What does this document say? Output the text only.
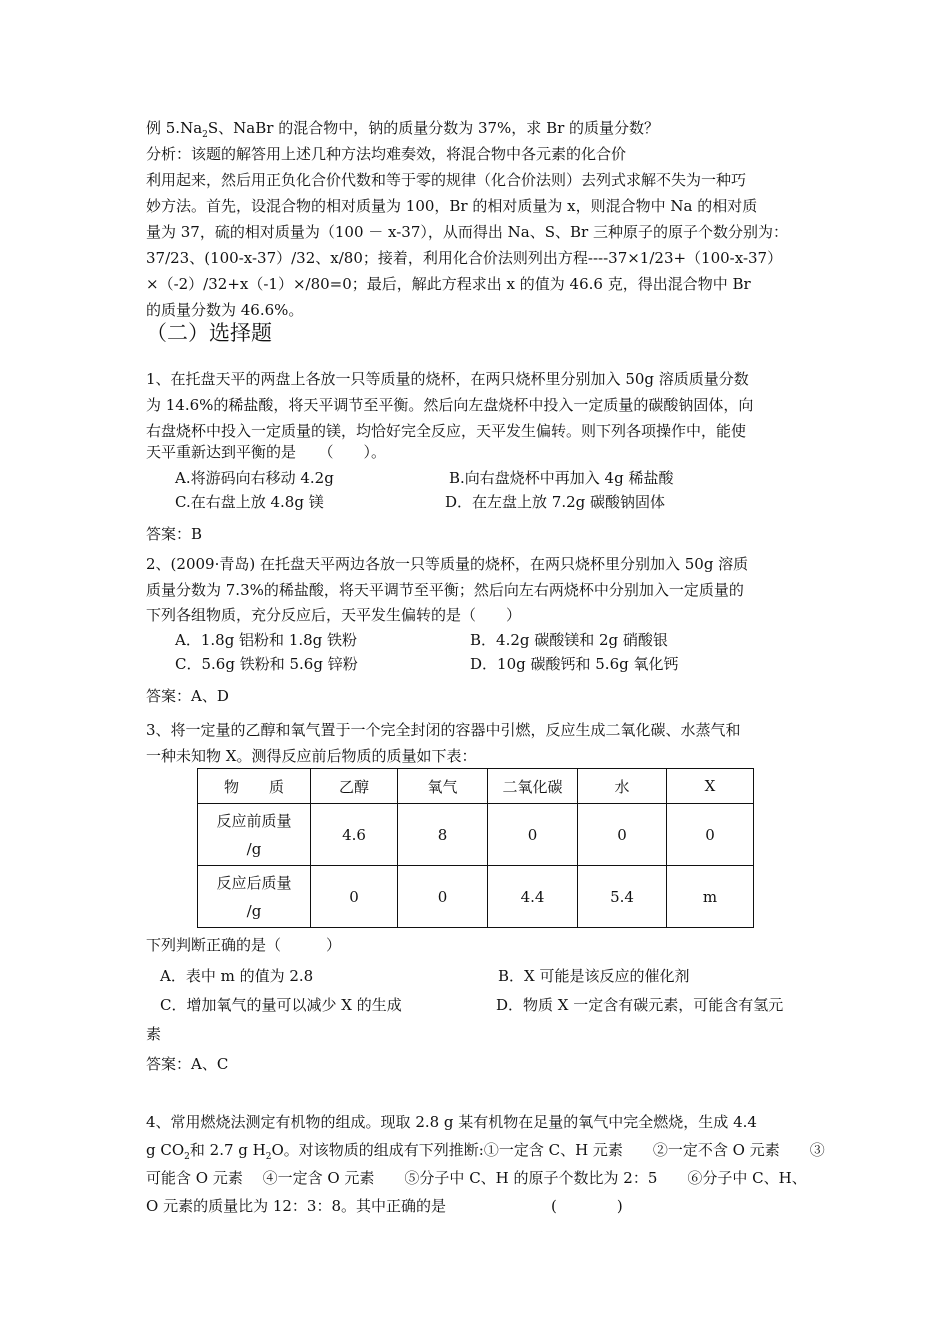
例 $5.Na_2S$、NaBr 的混合物中，钠的质量分数为 37%，求 Br 的质量分数？
分析：该题的解答用上述几种方法均难奏效，将混合物中各元素的化合价
利用起来，然后用正负化合价代数和等于零的规律（化合价法则）去列式求解不失为一种巧
妙方法。首先，设混合物的相对质量为 100，Br 的相对质量为 x，则混合物中 Na 的相对质
量为 37，硫的相对质量为（100 － x-37），从而得出 Na、S、Br 三种原子的原子个数分别为：
37/23、(100-x-37）/32、x/80；接着，利用化合价法则列出方程----37×1/23+（100-x-37）
×（-2）/32+x（-1）×/80=0；最后，解此方程求出 x 的值为 46.6 克，得出混合物中 Br
的质量分数为 46.6%。
（二）选择题
1、在托盘天平的两盘上各放一只等质量的烧杯，在两只烧杯里分别加入 50g 溶质质量分数
为 14.6%的稀盐酸，将天平调节至平衡。然后向左盘烧杯中投入一定质量的碳酸钠固体，向
右盘烧杯中投入一定质量的镁，均恰好完全反应，天平发生偏转。则下列各项操作中，能使
天平重新达到平衡的是　　（　　）。
A.将游码向右移动 4.2g	B.向右盘烧杯中再加入 4g 稀盐酸
C.在右盘上放 4.8g 镁	D．在左盘上放 7.2g 碳酸钠固体
答案：B
2、(2009·青岛) 在托盘天平两边各放一只等质量的烧杯，在两只烧杯里分别加入 50g 溶质
质量分数为 7.3%的稀盐酸，将天平调节至平衡；然后向左右两烧杯中分别加入一定质量的
下列各组物质，充分反应后，天平发生偏转的是（　　）
A．1.8g 铝粉和 1.8g 铁粉	B．4.2g 碳酸镁和 2g 硝酸银
C．5.6g 铁粉和 5.6g 锌粉	D．10g 碳酸钙和 5.6g 氧化钙
答案：A、D
3、将一定量的乙醇和氧气置于一个完全封闭的容器中引燃，反应生成二氧化碳、水蒸气和
一种未知物 X。测得反应前后物质的质量如下表：
物　　质	乙醇	氧气	二氧化碳	水	X

反应前质量
/g	4.6	8	0	0	0

反应后质量
/g	0	0	4.4	5.4	m
下列判断正确的是（　　　）
A．表中 m 的值为 2.8	B．X 可能是该反应的催化剂
C．增加氧气的量可以减少 X 的生成	D．物质 X 一定含有碳元素，可能含有氢元
素
答案：A、C
4、常用燃烧法测定有机物的组成。现取 2.8 g 某有机物在足量的氧气中完全燃烧，生成 4.4
g $CO_2$和 2.7 g $H_2O$。对该物质的组成有下列推断:①一定含 C、H 元素　　②一定不含 O 元素　　③
可能含 O 元素　 ④一定含 O 元素　　⑤分子中 C、H 的原子个数比为 2：5　　⑥分子中 C、H、
O 元素的质量比为 12：3：8。其中正确的是　　　　　　　(　　　　)
